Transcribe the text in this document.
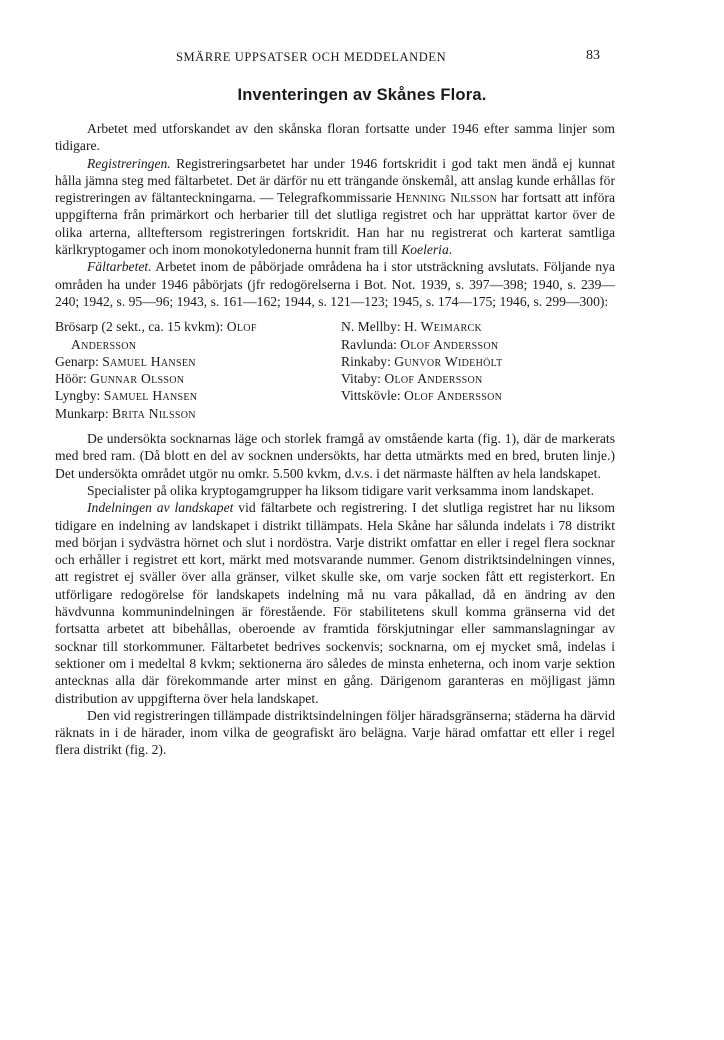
SMÄRRE UPPSATSER OCH MEDDELANDEN	83
Inventeringen av Skånes Flora.

Arbetet med utforskandet av den skånska floran fortsatte under 1946 efter samma linjer som tidigare.

Registreringen. Registreringsarbetet har under 1946 fortskridit i god takt men ändå ej kunnat hålla jämna steg med fältarbetet. Det är därför nu ett trängande önskemål, att anslag kunde erhållas för registreringen av fältanteckningarna. — Telegrafkommissarie Henning Nilsson har fortsatt att införa uppgifterna från primärkort och herbarier till det slutliga registret och har upprättat kartor över de olika arterna, allteftersom registreringen fortskridit. Han har nu registrerat och karterat samtliga kärlkryptogamer och inom monokotyledonerna hunnit fram till Koeleria.

Fältarbetet. Arbetet inom de påbörjade områdena ha i stor utsträckning avslutats. Följande nya områden ha under 1946 påbörjats (jfr redogörelserna i Bot. Not. 1939, s. 397—398; 1940, s. 239—240; 1942, s. 95—96; 1943, s. 161—162; 1944, s. 121—123; 1945, s. 174—175; 1946, s. 299—300):

Brösarp (2 sekt., ca. 15 kvkm): Olof
Andersson
Genarp: Samuel Hansen
Höör: Gunnar Olsson
Lyngby: Samuel Hansen
Munkarp: Brita Nilsson
N. Mellby: H. Weimarck
Ravlunda: Olof Andersson
Rinkaby: Gunvor Widehölt
Vitaby: Olof Andersson
Vittskövle: Olof Andersson

De undersökta socknarnas läge och storlek framgå av omstående karta (fig. 1), där de markerats med bred ram. (Då blott en del av socknen undersökts, har detta utmärkts med en bred, bruten linje.) Det undersökta området utgör nu omkr. 5.500 kvkm, d.v.s. i det närmaste hälften av hela landskapet.

Specialister på olika kryptogamgrupper ha liksom tidigare varit verksamma inom landskapet.

Indelningen av landskapet vid fältarbete och registrering. I det slutliga registret har nu liksom tidigare en indelning av landskapet i distrikt tillämpats. Hela Skåne har sålunda indelats i 78 distrikt med början i sydvästra hörnet och slut i nordöstra. Varje distrikt omfattar en eller i regel flera socknar och erhåller i registret ett kort, märkt med motsvarande nummer. Genom distriktsindelningen vinnes, att registret ej sväller över alla gränser, vilket skulle ske, om varje socken fått ett registerkort. En utförligare redogörelse för landskapets indelning må nu vara påkallad, då en ändring av den hävdvunna kommunindelningen är förestående. För stabilitetens skull komma gränserna vid det fortsatta arbetet att bibehållas, oberoende av framtida förskjutningar eller sammanslagningar av socknar till storkommuner. Fältarbetet bedrives sockenvis; socknarna, om ej mycket små, indelas i sektioner om i medeltal 8 kvkm; sektionerna äro således de minsta enheterna, och inom varje sektion antecknas alla där förekommande arter minst en gång. Därigenom garanteras en möjligast jämn distribution av uppgifterna över hela landskapet.

Den vid registreringen tillämpade distriktsindelningen följer häradsgränserna; städerna ha därvid räknats in i de härader, inom vilka de geografiskt äro belägna. Varje härad omfattar ett eller i regel flera distrikt (fig. 2).
